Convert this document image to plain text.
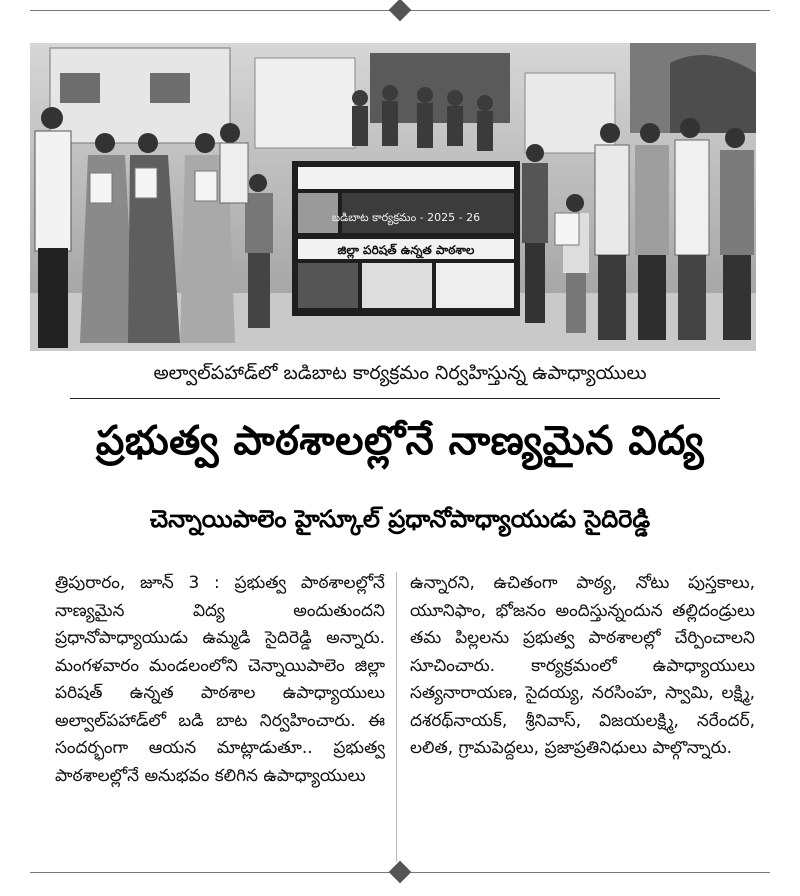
బడిబాట కార్యక్రమం - 2025 - 26
జిల్లా పరిషత్ ఉన్నత పాఠశాల
అల్వాల్‌పహాడ్‌లో బడిబాట కార్యక్రమం నిర్వహిస్తున్న ఉపాధ్యాయులు
ప్రభుత్వ పాఠశాలల్లోనే నాణ్యమైన విద్య
చెన్నాయిపాలెం హైస్కూల్ ప్రధానోపాధ్యాయుడు సైదిరెడ్డి

త్రిపురారం, జూన్ 3 : ప్రభుత్వ పాఠశాలల్లోనే నాణ్యమైన విద్య అందుతుందని ప్రధానోపాధ్యాయుడు ఉమ్మడి సైదిరెడ్డి అన్నారు. మంగళవారం మండలంలోని చెన్నాయిపాలెం జిల్లా పరిషత్ ఉన్నత పాఠశాల ఉపాధ్యాయులు అల్వాల్‌పహాడ్‌లో బడి బాట నిర్వహించారు. ఈ సందర్భంగా ఆయన మాట్లాడుతూ.. ప్రభుత్వ పాఠశాలల్లోనే అనుభవం కలిగిన ఉపాధ్యాయులు

ఉన్నారని, ఉచితంగా పాఠ్య, నోటు పుస్తకాలు, యూనిఫాం, భోజనం అందిస్తున్నందున తల్లిదండ్రులు తమ పిల్లలను ప్రభుత్వ పాఠశాలల్లో చేర్పించాలని సూచించారు. కార్యక్రమంలో ఉపాధ్యాయులు సత్యనారాయణ, సైదయ్య, నరసింహ, స్వామి, లక్ష్మి, దశరథ్‌నాయక్, శ్రీనివాస్, విజయలక్ష్మి, నరేందర్, లలిత, గ్రామపెద్దలు, ప్రజాప్రతినిధులు పాల్గొన్నారు.
